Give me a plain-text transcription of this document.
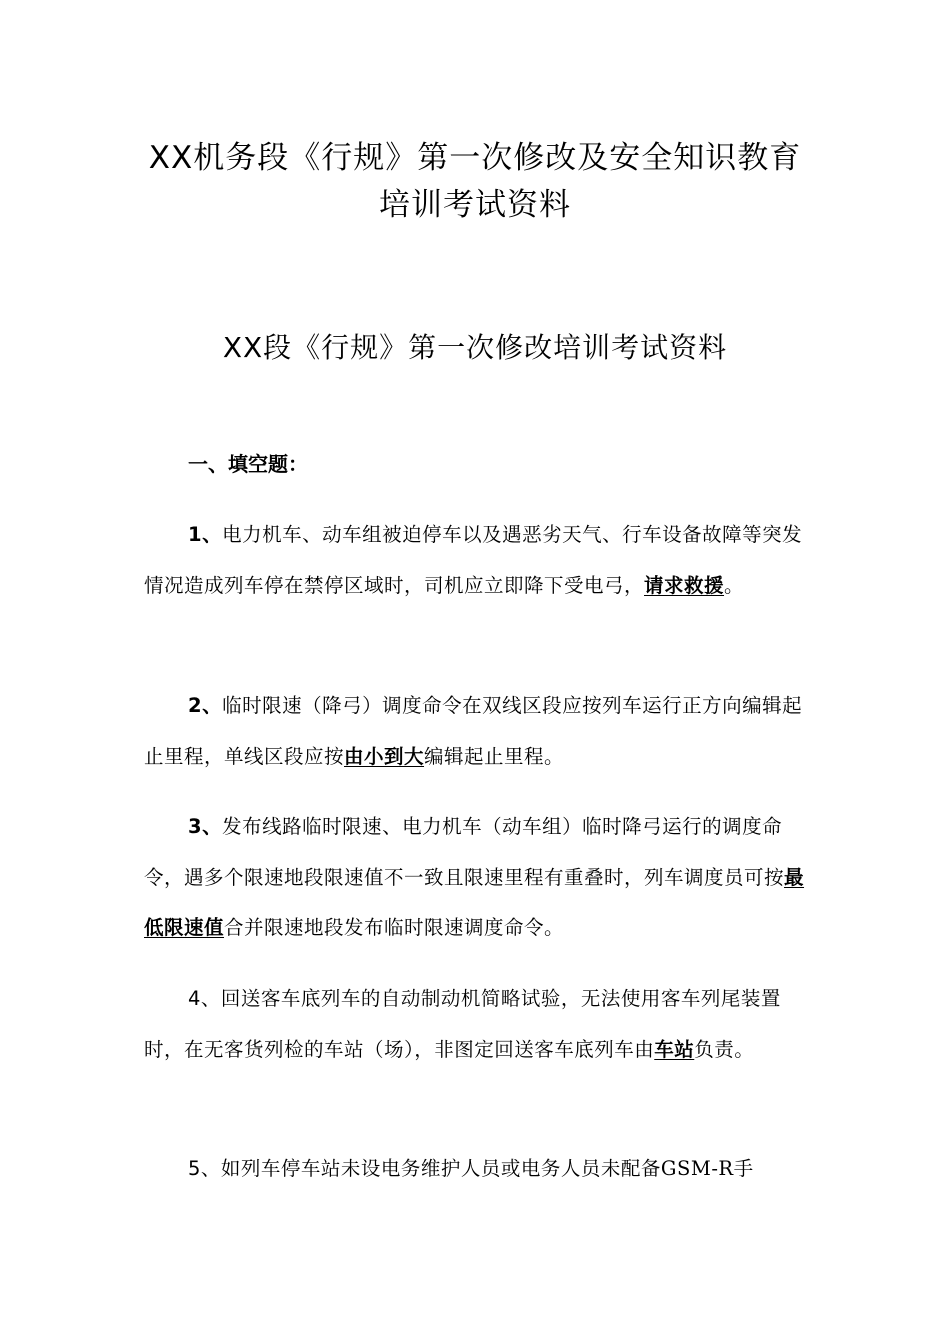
XX机务段《行规》第一次修改及安全知识教育
培训考试资料
XX段《行规》第一次修改培训考试资料
一、填空题：

1、电力机车、动车组被迫停车以及遇恶劣天气、行车设备故障等突发情况造成列车停在禁停区域时，司机应立即降下受电弓，请求救援。

2、临时限速（降弓）调度命令在双线区段应按列车运行正方向编辑起止里程，单线区段应按由小到大编辑起止里程。

3、发布线路临时限速、电力机车（动车组）临时降弓运行的调度命令，遇多个限速地段限速值不一致且限速里程有重叠时，列车调度员可按最低限速值合并限速地段发布临时限速调度命令。

4、回送客车底列车的自动制动机简略试验，无法使用客车列尾装置时，在无客货列检的车站（场），非图定回送客车底列车由车站负责。

5、如列车停车站未设电务维护人员或电务人员未配备GSM-R手
